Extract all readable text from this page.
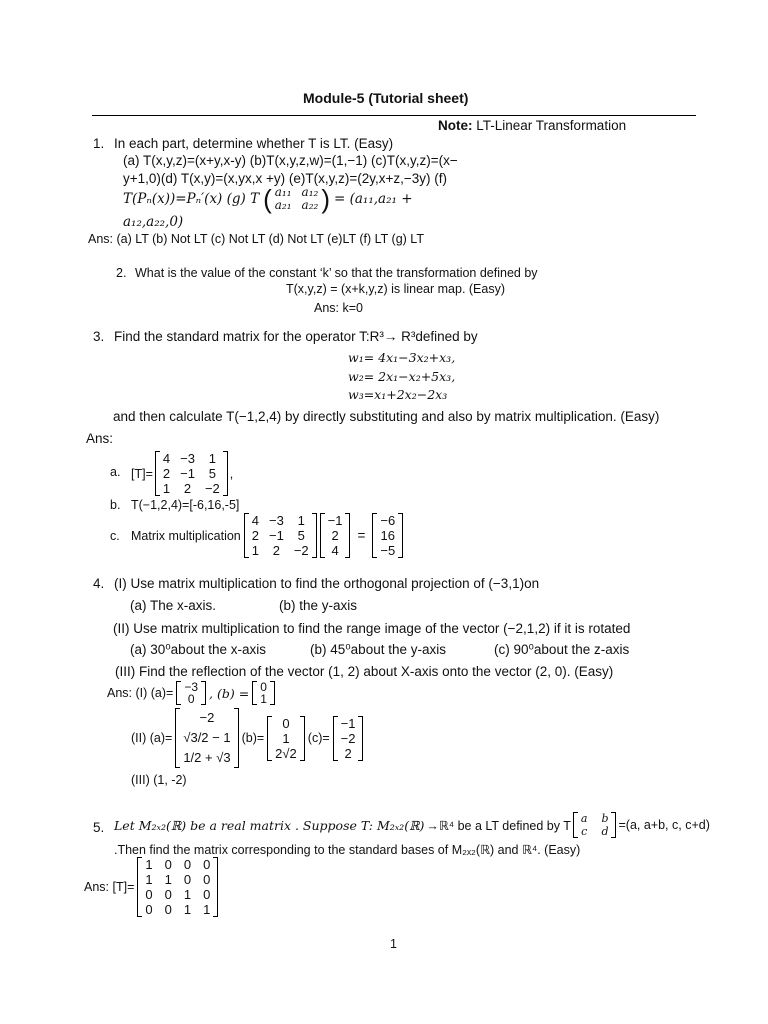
Module-5 (Tutorial sheet)
Note: LT-Linear Transformation
1. In each part, determine whether T is LT. (Easy)
(a) T(x,y,z)=(x+y,x-y) (b)T(x,y,z,w)=(1,−1) (c)T(x,y,z)=(x−
y+1,0)(d) T(x,y)=(x,yx,x +y) (e)T(x,y,z)=(2y,x+z,−3y) (f)
T(Pₙ(x))=Pₙ′(x) (g) T ( a₁₁ a₁₂
a₂₁ a₂₂ ) = (a₁₁,a₂₁ +
a₁₂,a₂₂,0)
Ans: (a) LT (b) Not LT (c) Not LT (d) Not LT (e)LT (f) LT (g) LT
2. What is the value of the constant ‘k’ so that the transformation defined by
T(x,y,z) = (x+k,y,z) is linear map. (Easy)
Ans: k=0
3. Find the standard matrix for the operator T:R³→ R³defined by
w₁= 4x₁−3x₂+x₃,
w₂= 2x₁−x₂+5x₃,
w₃=x₁+2x₂−2x₃
and then calculate T(−1,2,4) by directly substituting and also by matrix multiplication. (Easy)
Ans:
a. [T]=
4 −3 1
2 −1 5
1 2 −2
,
b. T(−1,2,4)=[-6,16,-5]
c. Matrix multiplication
4 −3 1
2 −1 5
1 2 −2
−1
2
4
=
−6
16
−5
4. (I) Use matrix multiplication to find the orthogonal projection of (−3,1)on
(a) The x-axis.	(b) the y-axis
(II) Use matrix multiplication to find the range image of the vector (−2,1,2) if it is rotated
(a) 30⁰about the x-axis	(b) 45⁰about the y-axis	(c) 90⁰about the z-axis
(III) Find the reflection of the vector (1, 2) about X-axis onto the vector (2, 0). (Easy)
Ans: (I) (a)= −3
0 , (b) = 0
1
(II) (a)=
−2
√3/2 − 1
1/2 + √3
(b)=
0
1
2√2
(c)=
−1
−2
2
(III) (1, -2)
5. Let M₂ₓ₂(ℝ) be a real matrix . Suppose T: M₂ₓ₂(ℝ) →ℝ⁴ be a LT defined by T a b
c d =(a, a+b, c, c+d)
.Then find the matrix corresponding to the standard bases of M₂ₓ₂(ℝ) and ℝ⁴. (Easy)
Ans: [T]=
1 0 0 0
1 1 0 0
0 0 1 0
0 0 1 1
1
